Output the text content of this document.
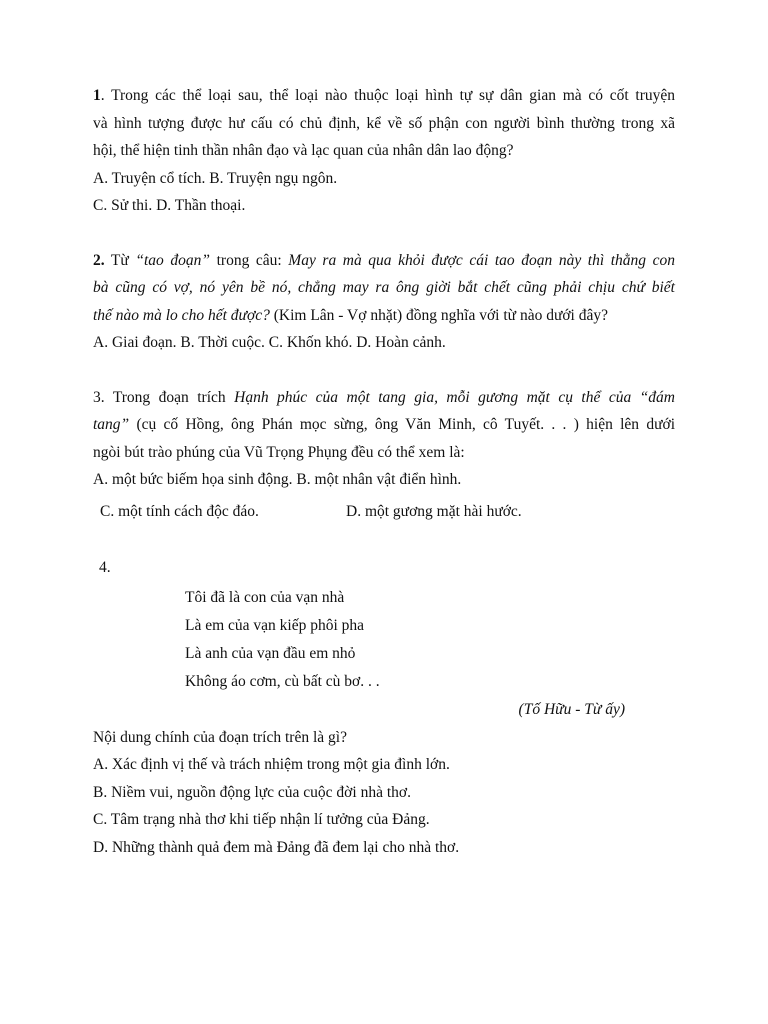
1. Trong các thể loại sau, thể loại nào thuộc loại hình tự sự dân gian mà có cốt truyện
và hình tượng được hư cấu có chủ định, kể về số phận con người bình thường trong xã
hội, thể hiện tinh thần nhân đạo và lạc quan của nhân dân lao động?
A. Truyện cổ tích. B. Truyện ngụ ngôn.
C. Sử thi. D. Thần thoại.
2. Từ “tao đoạn” trong câu: May ra mà qua khỏi được cái tao đoạn này thì thằng con
bà cũng có vợ, nó yên bề nó, chẳng may ra ông giời bắt chết cũng phải chịu chứ biết
thế nào mà lo cho hết được? (Kim Lân - Vợ nhặt) đồng nghĩa với từ nào dưới đây?
A. Giai đoạn. B. Thời cuộc. C. Khốn khó. D. Hoàn cảnh.
3. Trong đoạn trích Hạnh phúc của một tang gia, mỗi gương mặt cụ thể của “đám
tang” (cụ cố Hồng, ông Phán mọc sừng, ông Văn Minh, cô Tuyết. . . ) hiện lên dưới
ngòi bút trào phúng của Vũ Trọng Phụng đều có thể xem là:
A. một bức biếm họa sinh động. B. một nhân vật điển hình.
C. một tính cách độc đáo.	D. một gương mặt hài hước.
4.
Tôi đã là con của vạn nhà
Là em của vạn kiếp phôi pha
Là anh của vạn đầu em nhỏ
Không áo cơm, cù bất cù bơ. . .
(Tố Hữu - Từ ấy)
Nội dung chính của đoạn trích trên là gì?
A. Xác định vị thế và trách nhiệm trong một gia đình lớn.
B. Niềm vui, nguồn động lực của cuộc đời nhà thơ.
C. Tâm trạng nhà thơ khi tiếp nhận lí tưởng của Đảng.
D. Những thành quả đem mà Đảng đã đem lại cho nhà thơ.
